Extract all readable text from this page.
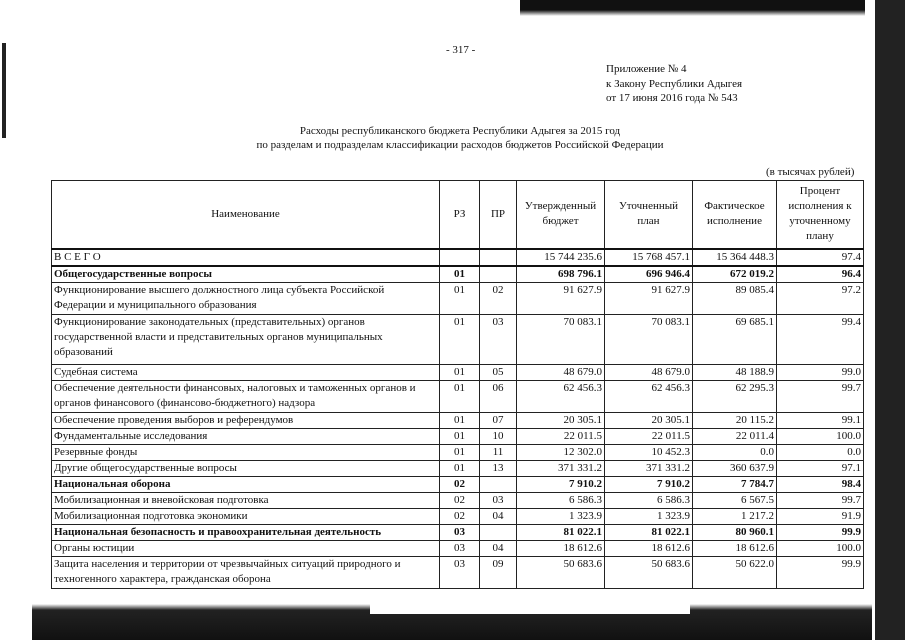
- 317 -
Приложение № 4
к Закону Республики Адыгея
от 17 июня 2016 года № 543
Расходы республиканского бюджета Республики Адыгея за 2015 год
по разделам и подразделам классификации расходов бюджетов Российской Федерации
(в тысячах рублей)
Наименование	РЗ	ПР	Утвержденный бюджет	Уточненный план	Фактическое исполнение	Процент исполнения к уточненному плану
В С Е Г О			15 744 235.6	15 768 457.1	15 364 448.3	97.4
Общегосударственные вопросы	01		698 796.1	696 946.4	672 019.2	96.4
Функционирование высшего должностного лица субъекта Российской Федерации и муниципального образования	01	02	91 627.9	91 627.9	89 085.4	97.2
Функционирование законодательных (представительных) органов государственной власти и представительных органов муниципальных образований	01	03	70 083.1	70 083.1	69 685.1	99.4
Судебная система	01	05	48 679.0	48 679.0	48 188.9	99.0
Обеспечение деятельности финансовых, налоговых и таможенных органов и органов финансового (финансово-бюджетного) надзора	01	06	62 456.3	62 456.3	62 295.3	99.7
Обеспечение проведения выборов и референдумов	01	07	20 305.1	20 305.1	20 115.2	99.1
Фундаментальные исследования	01	10	22 011.5	22 011.5	22 011.4	100.0
Резервные фонды	01	11	12 302.0	10 452.3	0.0	0.0
Другие общегосударственные вопросы	01	13	371 331.2	371 331.2	360 637.9	97.1
Национальная оборона	02		7 910.2	7 910.2	7 784.7	98.4
Мобилизационная и вневойсковая подготовка	02	03	6 586.3	6 586.3	6 567.5	99.7
Мобилизационная подготовка экономики	02	04	1 323.9	1 323.9	1 217.2	91.9
Национальная безопасность и правоохранительная деятельность	03		81 022.1	81 022.1	80 960.1	99.9
Органы юстиции	03	04	18 612.6	18 612.6	18 612.6	100.0
Защита населения и территории от чрезвычайных ситуаций природного и техногенного характера, гражданская оборона	03	09	50 683.6	50 683.6	50 622.0	99.9
